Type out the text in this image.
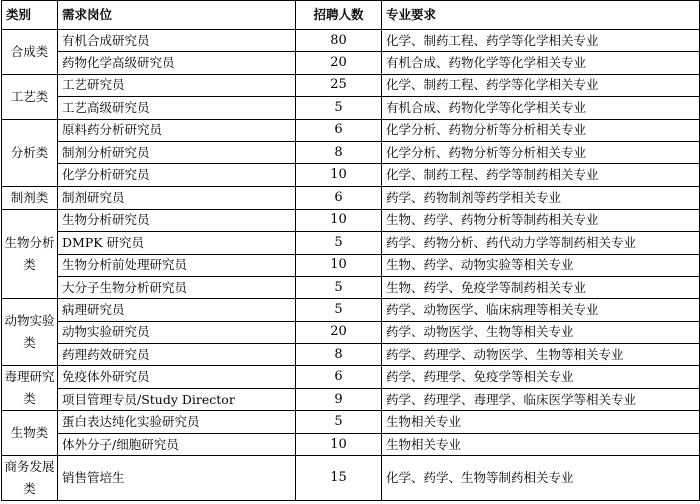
类别	需求岗位	招聘人数	专业要求
合成类	有机合成研究员	80	化学、制药工程、药学等化学相关专业
	药物化学高级研究员	20	有机合成、药物化学等化学相关专业
工艺类	工艺研究员	25	化学、制药工程、药学等化学相关专业
	工艺高级研究员	5	有机合成、药物化学等化学相关专业
分析类	原料药分析研究员	6	化学分析、药物分析等分析相关专业
	制剂分析研究员	8	化学分析、药物分析等分析相关专业
	化学分析研究员	10	化学、制药工程、药学等制药相关专业
制剂类	制剂研究员	6	药学、药物制剂等药学相关专业
生物分析类	生物分析研究员	10	生物、药学、药物分析等制药相关专业
	DMPK 研究员	5	药学、药物分析、药代动力学等制药相关专业
	生物分析前处理研究员	10	生物、药学、动物实验等相关专业
	大分子生物分析研究员	5	生物、药学、免疫学等制药相关专业
动物实验类	病理研究员	5	药学、动物医学、临床病理等相关专业
	动物实验研究员	20	药学、动物医学、生物等相关专业
	药理药效研究员	8	药学、药理学、动物医学、生物等相关专业
毒理研究类	免疫体外研究员	6	药学、药理学、免疫学等相关专业
	项目管理专员/Study Director	9	药学、药理学、毒理学、临床医学等相关专业
生物类	蛋白表达纯化实验研究员	5	生物相关专业
	体外分子/细胞研究员	10	生物相关专业
商务发展类	销售管培生	15	化学、药学、生物等制药相关专业
